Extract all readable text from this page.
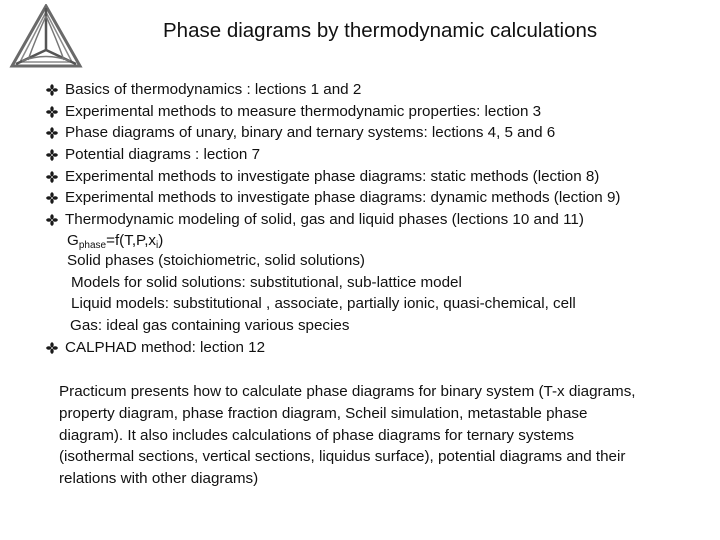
Phase diagrams by thermodynamic calculations
Basics of thermodynamics : lections 1 and 2
Experimental methods to measure thermodynamic properties: lection 3
Phase diagrams of unary, binary and ternary systems: lections 4, 5 and 6
Potential diagrams : lection 7
Experimental methods to investigate phase diagrams: static methods (lection 8)
Experimental methods to investigate phase diagrams: dynamic methods (lection 9)
Thermodynamic modeling of solid, gas and liquid phases (lections 10 and 11)
Gphase=f(T,P,xi)
Solid phases (stoichiometric, solid solutions)
Models for solid solutions: substitutional, sub-lattice model
Liquid models: substitutional , associate, partially ionic, quasi-chemical, cell
Gas: ideal gas containing various species
CALPHAD method: lection 12
Practicum presents how to calculate phase diagrams for binary system (T-x diagrams,
property diagram, phase fraction diagram, Scheil simulation, metastable phase
diagram). It also includes calculations of phase diagrams for ternary systems
(isothermal sections, vertical sections, liquidus surface), potential diagrams and their
relations with other diagrams)
